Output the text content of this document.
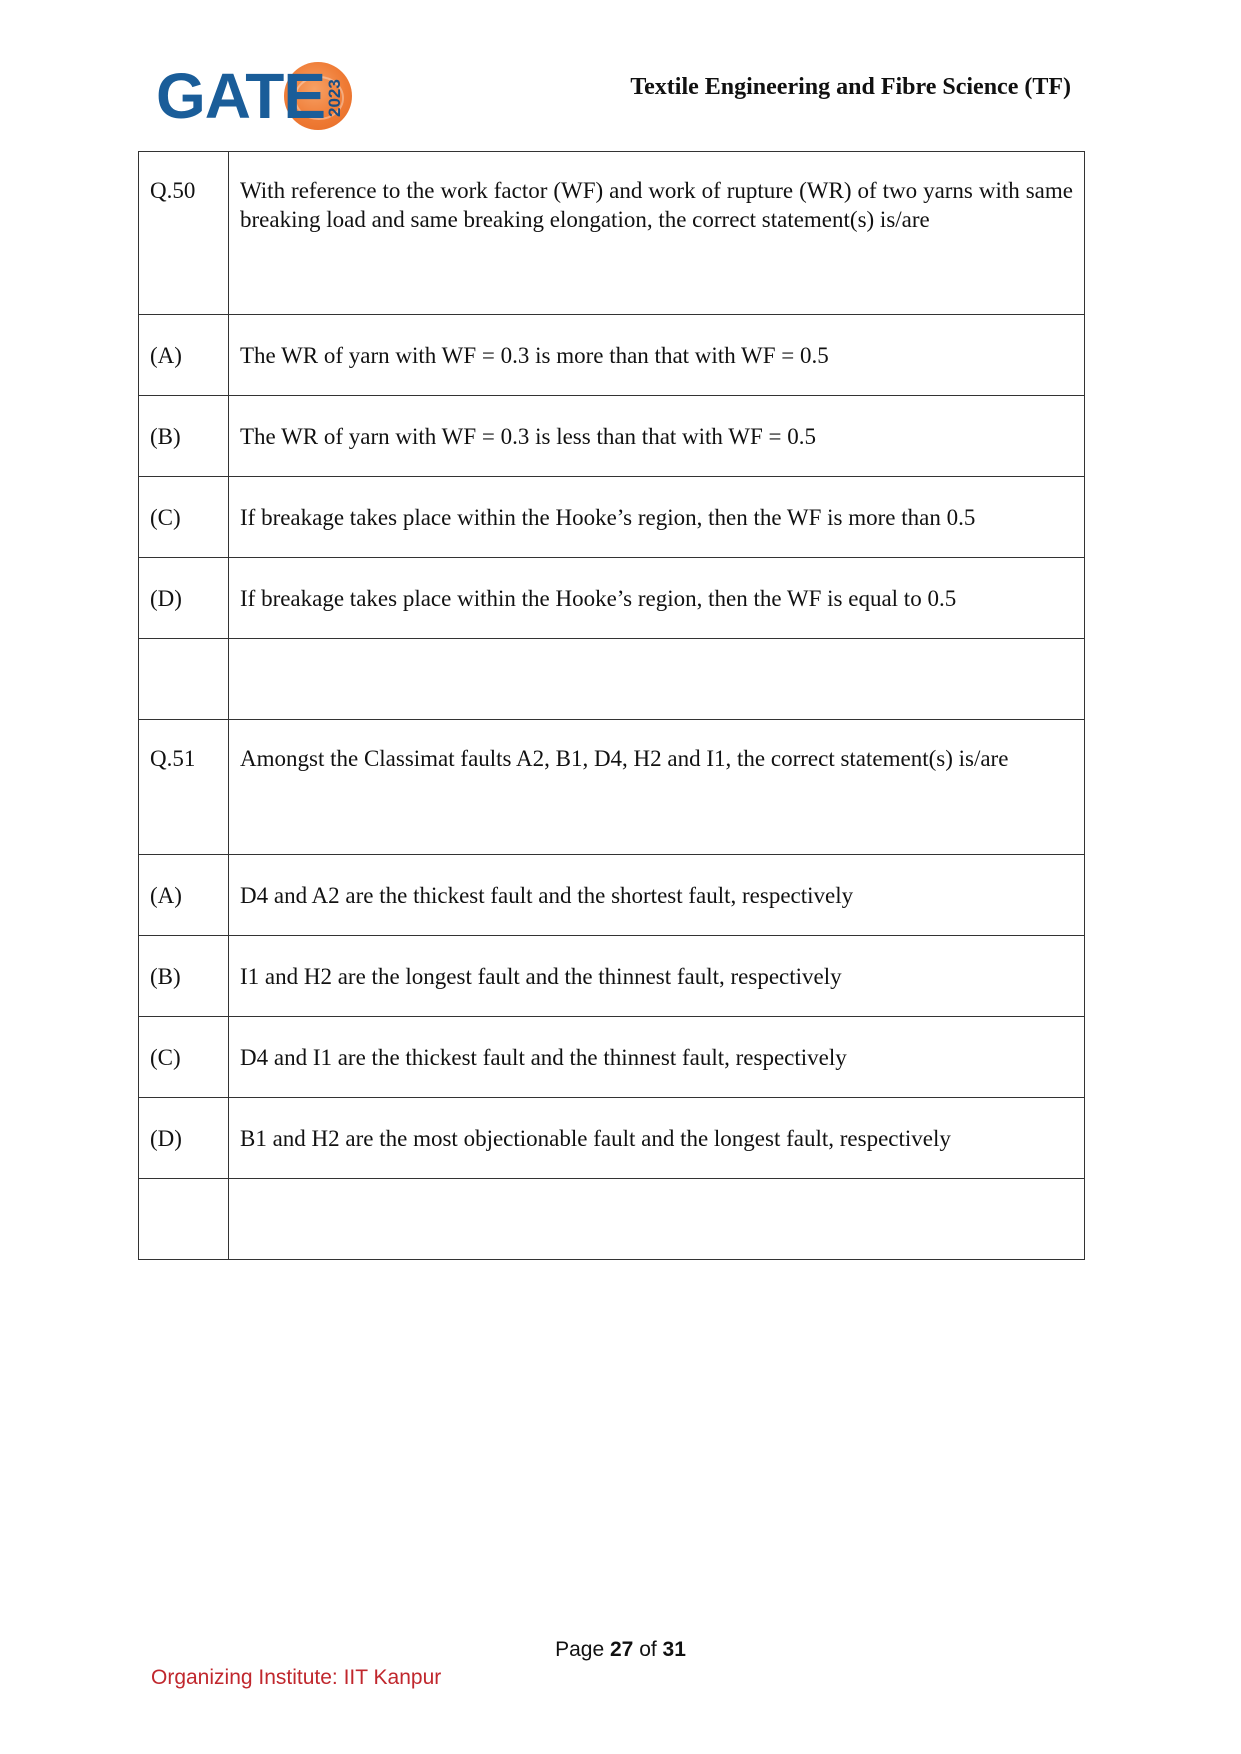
GATE 2023	Textile Engineering and Fibre Science (TF)
Q.50	With reference to the work factor (WF) and work of rupture (WR) of two yarns with same breaking load and same breaking elongation, the correct statement(s) is/are
(A)	The WR of yarn with WF = 0.3 is more than that with WF = 0.5
(B)	The WR of yarn with WF = 0.3 is less than that with WF = 0.5
(C)	If breakage takes place within the Hooke’s region, then the WF is more than 0.5
(D)	If breakage takes place within the Hooke’s region, then the WF is equal to 0.5

Q.51	Amongst the Classimat faults A2, B1, D4, H2 and I1, the correct statement(s) is/are
(A)	D4 and A2 are the thickest fault and the shortest fault, respectively
(B)	I1 and H2 are the longest fault and the thinnest fault, respectively
(C)	D4 and I1 are the thickest fault and the thinnest fault, respectively
(D)	B1 and H2 are the most objectionable fault and the longest fault, respectively

Page 27 of 31
Organizing Institute: IIT Kanpur
